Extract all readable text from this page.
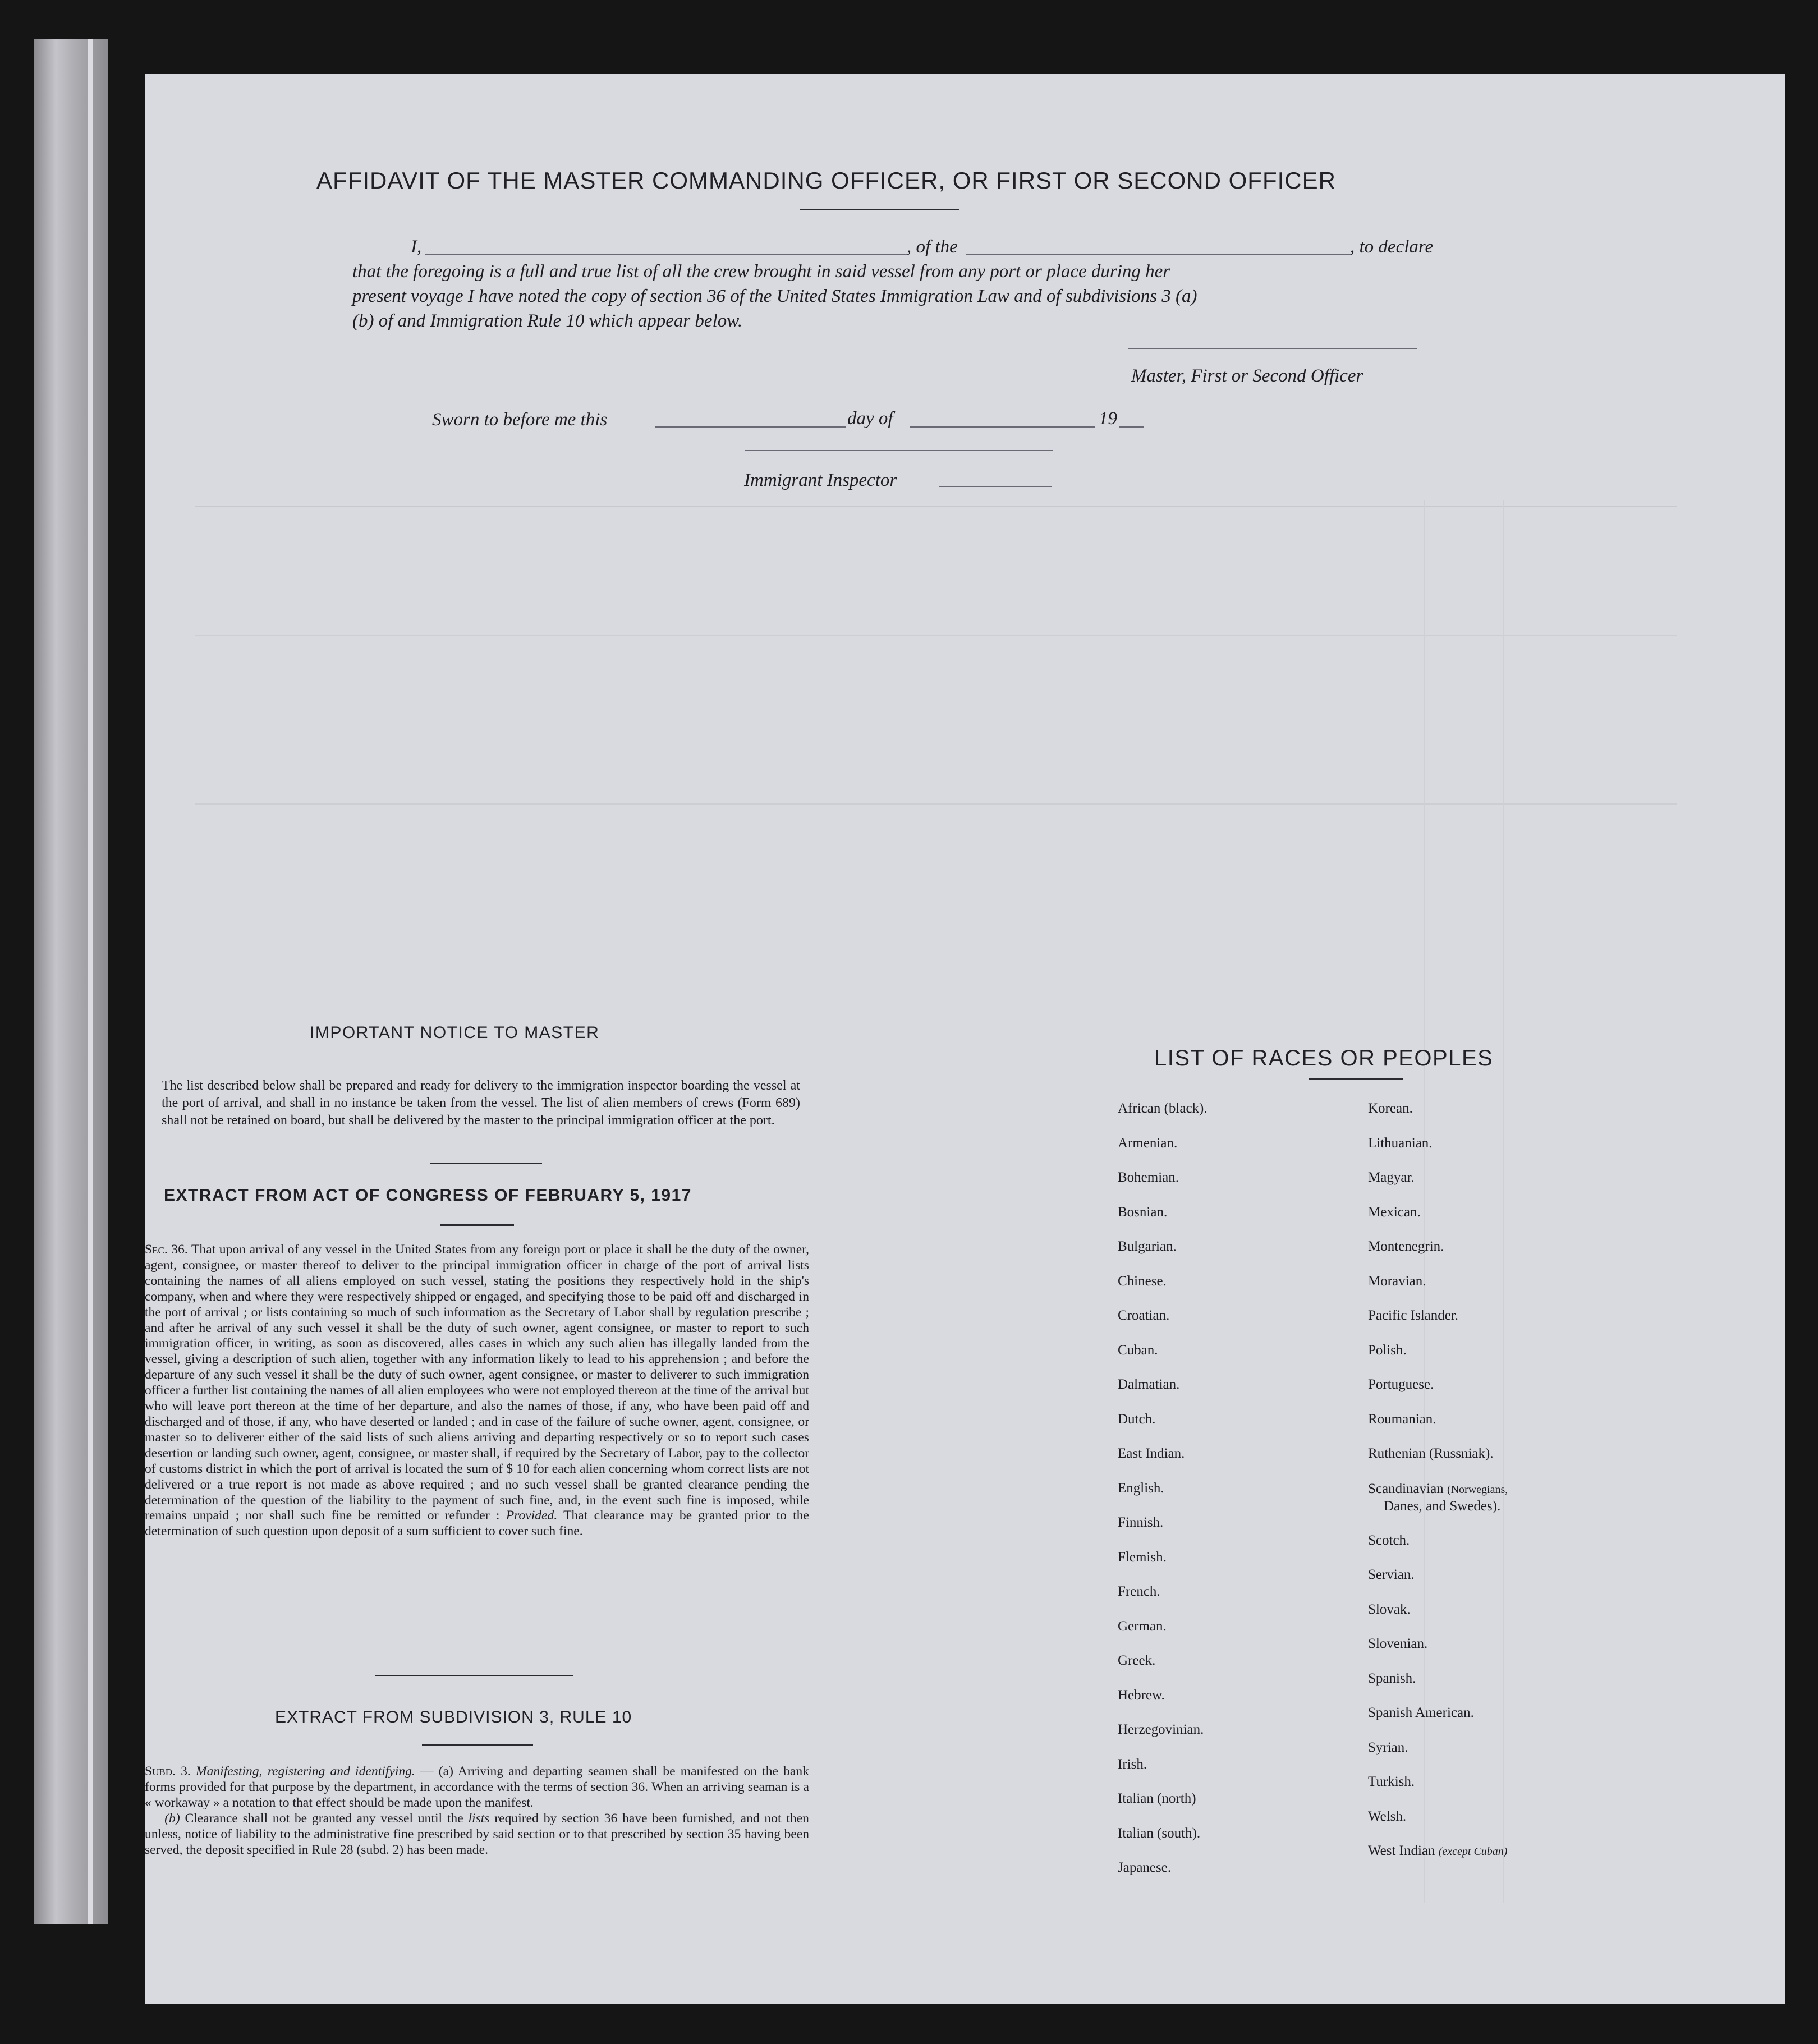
AFFIDAVIT OF THE MASTER COMMANDING OFFICER, OR FIRST OR SECOND OFFICER
I,	, of the	, to declare
that the foregoing is a full and true list of all the crew brought in said vessel from any port or place during her
present voyage I have noted the copy of section 36 of the United States Immigration Law and of subdivisions 3 (a)
(b) of and Immigration Rule 10 which appear below.
Master, First or Second Officer
Sworn to before me this	day of	19
Immigrant Inspector
IMPORTANT NOTICE TO MASTER
The list described below shall be prepared and ready for delivery to the immigration inspector boarding the vessel at the port of arrival, and shall in no instance be taken from the vessel. The list of alien members of crews (Form 689) shall not be retained on board, but shall be delivered by the master to the principal immigration officer at the port.
EXTRACT FROM ACT OF CONGRESS OF FEBRUARY 5, 1917
Sec. 36. That upon arrival of any vessel in the United States from any foreign port or place it shall be the duty of the owner, agent, consignee, or master thereof to deliver to the principal immigration officer in charge of the port of arrival lists containing the names of all aliens employed on such vessel, stating the positions they respectively hold in the ship's company, when and where they were respectively shipped or engaged, and specifying those to be paid off and discharged in the port of arrival ; or lists containing so much of such information as the Secretary of Labor shall by regulation prescribe ; and after he arrival of any such vessel it shall be the duty of such owner, agent consignee, or master to report to such immigration officer, in writing, as soon as discovered, alles cases in which any such alien has illegally landed from the vessel, giving a description of such alien, together with any information likely to lead to his apprehension ; and before the departure of any such vessel it shall be the duty of such owner, agent consignee, or master to deliverer to such immigration officer a further list containing the names of all alien employees who were not employed thereon at the time of the arrival but who will leave port thereon at the time of her departure, and also the names of those, if any, who have been paid off and discharged and of those, if any, who have deserted or landed ; and in case of the failure of suche owner, agent, consignee, or master so to deliverer either of the said lists of such aliens arriving and departing respectively or so to report such cases desertion or landing such owner, agent, consignee, or master shall, if required by the Secretary of Labor, pay to the collector of customs district in which the port of arrival is located the sum of $ 10 for each alien concerning whom correct lists are not delivered or a true report is not made as above required ; and no such vessel shall be granted clearance pending the determination of the question of the liability to the payment of such fine, and, in the event such fine is imposed, while remains unpaid ; nor shall such fine be remitted or refunder : Provided. That clearance may be granted prior to the determination of such question upon deposit of a sum sufficient to cover such fine.
EXTRACT FROM SUBDIVISION 3, RULE 10
Subd. 3. Manifesting, registering and identifying. — (a) Arriving and departing seamen shall be manifested on the bank forms provided for that purpose by the department, in accordance with the terms of section 36. When an arriving seaman is a « workaway » a notation to that effect should be made upon the manifest.
(b) Clearance shall not be granted any vessel until the lists required by section 36 have been furnished, and not then unless, notice of liability to the administrative fine prescribed by said section or to that prescribed by section 35 having been served, the deposit specified in Rule 28 (subd. 2) has been made.
LIST OF RACES OR PEOPLES
African (black).
Armenian.
Bohemian.
Bosnian.
Bulgarian.
Chinese.
Croatian.
Cuban.
Dalmatian.
Dutch.
East Indian.
English.
Finnish.
Flemish.
French.
German.
Greek.
Hebrew.
Herzegovinian.
Irish.
Italian (north)
Italian (south).
Japanese.
Korean.
Lithuanian.
Magyar.
Mexican.
Montenegrin.
Moravian.
Pacific Islander.
Polish.
Portuguese.
Roumanian.
Ruthenian (Russniak).
Scandinavian (Norwegians,
Danes, and Swedes).
Scotch.
Servian.
Slovak.
Slovenian.
Spanish.
Spanish American.
Syrian.
Turkish.
Welsh.
West Indian (except Cuban)
